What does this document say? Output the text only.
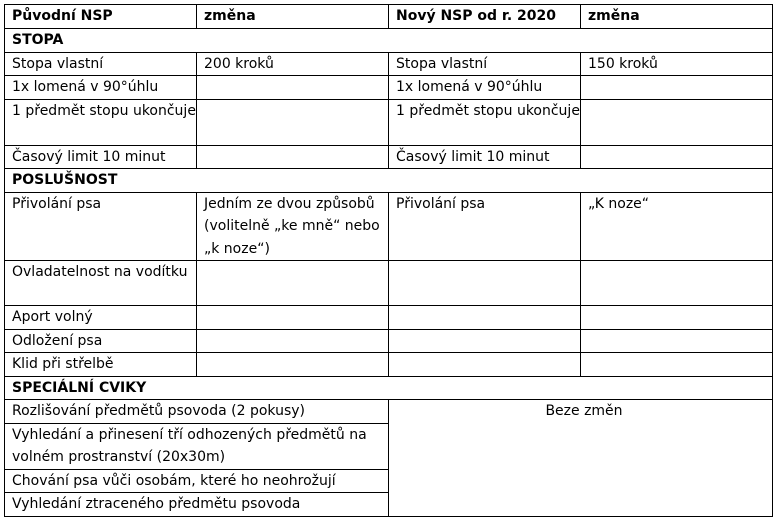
Původní NSP	změna	Nový NSP od r. 2020	změna
STOPA			
Stopa vlastní	200 kroků	Stopa vlastní	150 kroků
1x lomená v 90°úhlu		1x lomená v 90°úhlu	
1 předmět stopu ukončuje		1 předmět stopu ukončuje	
Časový limit 10 minut		Časový limit 10 minut	
POSLUŠNOST			
Přivolání psa	Jedním ze dvou způsobů (volitelně „ke mně“ nebo „k noze“)	Přivolání psa	„K noze“
Ovladatelnost na vodítku			
Aport volný			
Odložení psa			
Klid při střelbě			
SPECIÁLNÍ CVIKY			
Rozlišování předmětů psovoda (2 pokusy)		Beze změn	
Vyhledání a přinesení tří odhozených předmětů na volném prostranství (20x30m)			
Chování psa vůči osobám, které ho neohrožují			
Vyhledání ztraceného předmětu psovoda			
